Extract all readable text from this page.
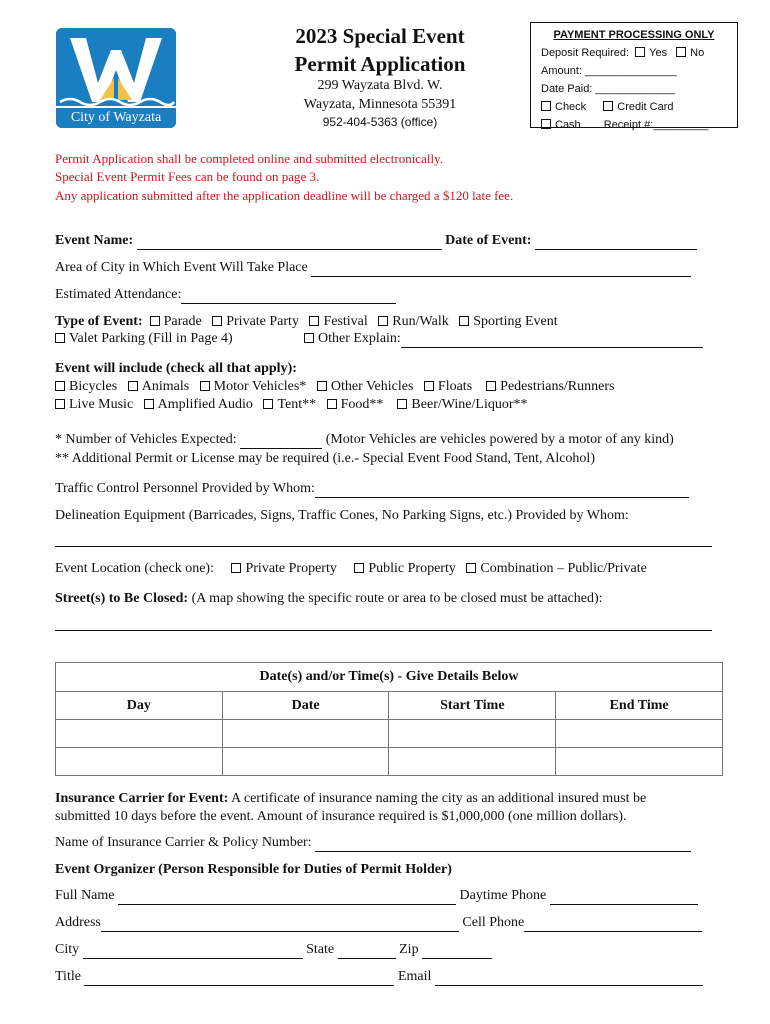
City of Wayzata
2023 Special Event
Permit Application
299 Wayzata Blvd. W.
Wayzata, Minnesota 55391
952-404-5363 (office)
PAYMENT PROCESSING ONLY
Deposit Required: Yes No
Amount: _______________
Date Paid: _____________
Check	Credit Card
Cash Receipt #:_________
Permit Application shall be completed online and submitted electronically.
Special Event Permit Fees can be found on page 3.
Any application submitted after the application deadline will be charged a $120 late fee.
Event Name:	Date of Event:
Area of City in Which Event Will Take Place
Estimated Attendance:
Type of Event: Parade Private Party Festival Run/Walk Sporting Event
Valet Parking (Fill in Page 4)	Other Explain:
Event will include (check all that apply):
Bicycles Animals Motor Vehicles* Other Vehicles Floats Pedestrians/Runners
Live Music Amplified Audio Tent** Food** Beer/Wine/Liquor**
* Number of Vehicles Expected:	(Motor Vehicles are vehicles powered by a motor of any kind)
** Additional Permit or License may be required (i.e.- Special Event Food Stand, Tent, Alcohol)
Traffic Control Personnel Provided by Whom:
Delineation Equipment (Barricades, Signs, Traffic Cones, No Parking Signs, etc.) Provided by Whom:
Event Location (check one): Private Property Public Property Combination – Public/Private
Street(s) to Be Closed: (A map showing the specific route or area to be closed must be attached):
Date(s) and/or Time(s) - Give Details Below			
Day	Date	Start Time	End Time

Insurance Carrier for Event: A certificate of insurance naming the city as an additional insured must be
submitted 10 days before the event. Amount of insurance required is $1,000,000 (one million dollars).
Name of Insurance Carrier & Policy Number:
Event Organizer (Person Responsible for Duties of Permit Holder)
Full Name	Daytime Phone
Address	Cell Phone
City	State	Zip
Title	Email
